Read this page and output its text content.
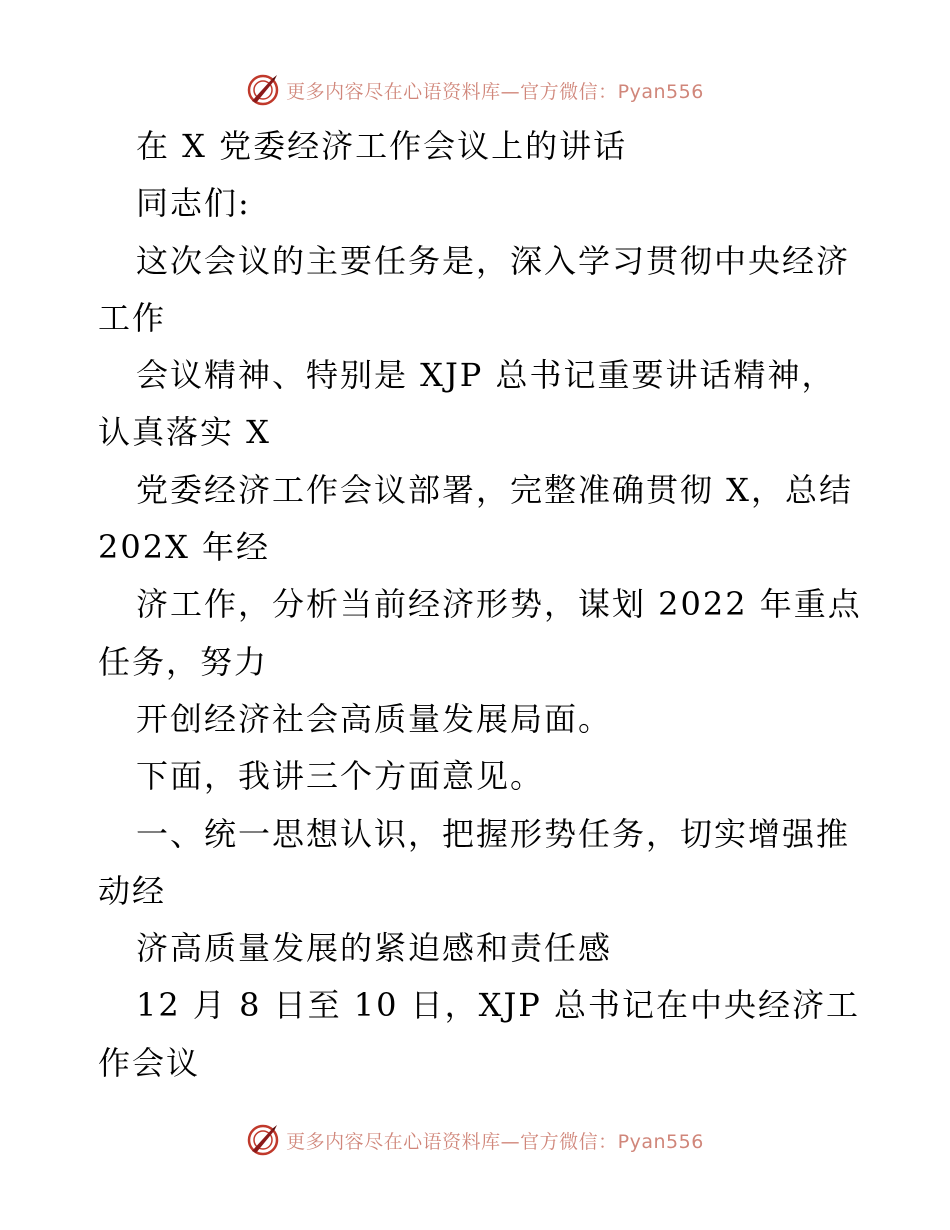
更多内容尽在心语资料库—官方微信：Pyan556
在 X 党委经济工作会议上的讲话
同志们:
这次会议的主要任务是，深入学习贯彻中央经济
工作
会议精神、特别是 XJP 总书记重要讲话精神，
认真落实 X
党委经济工作会议部署，完整准确贯彻 X，总结
202X 年经
济工作，分析当前经济形势，谋划 2022 年重点
任务，努力
开创经济社会高质量发展局面。
下面，我讲三个方面意见。
一、统一思想认识，把握形势任务，切实增强推
动经
济高质量发展的紧迫感和责任感
12 月 8 日至 10 日，XJP 总书记在中央经济工
作会议
更多内容尽在心语资料库—官方微信：Pyan556
